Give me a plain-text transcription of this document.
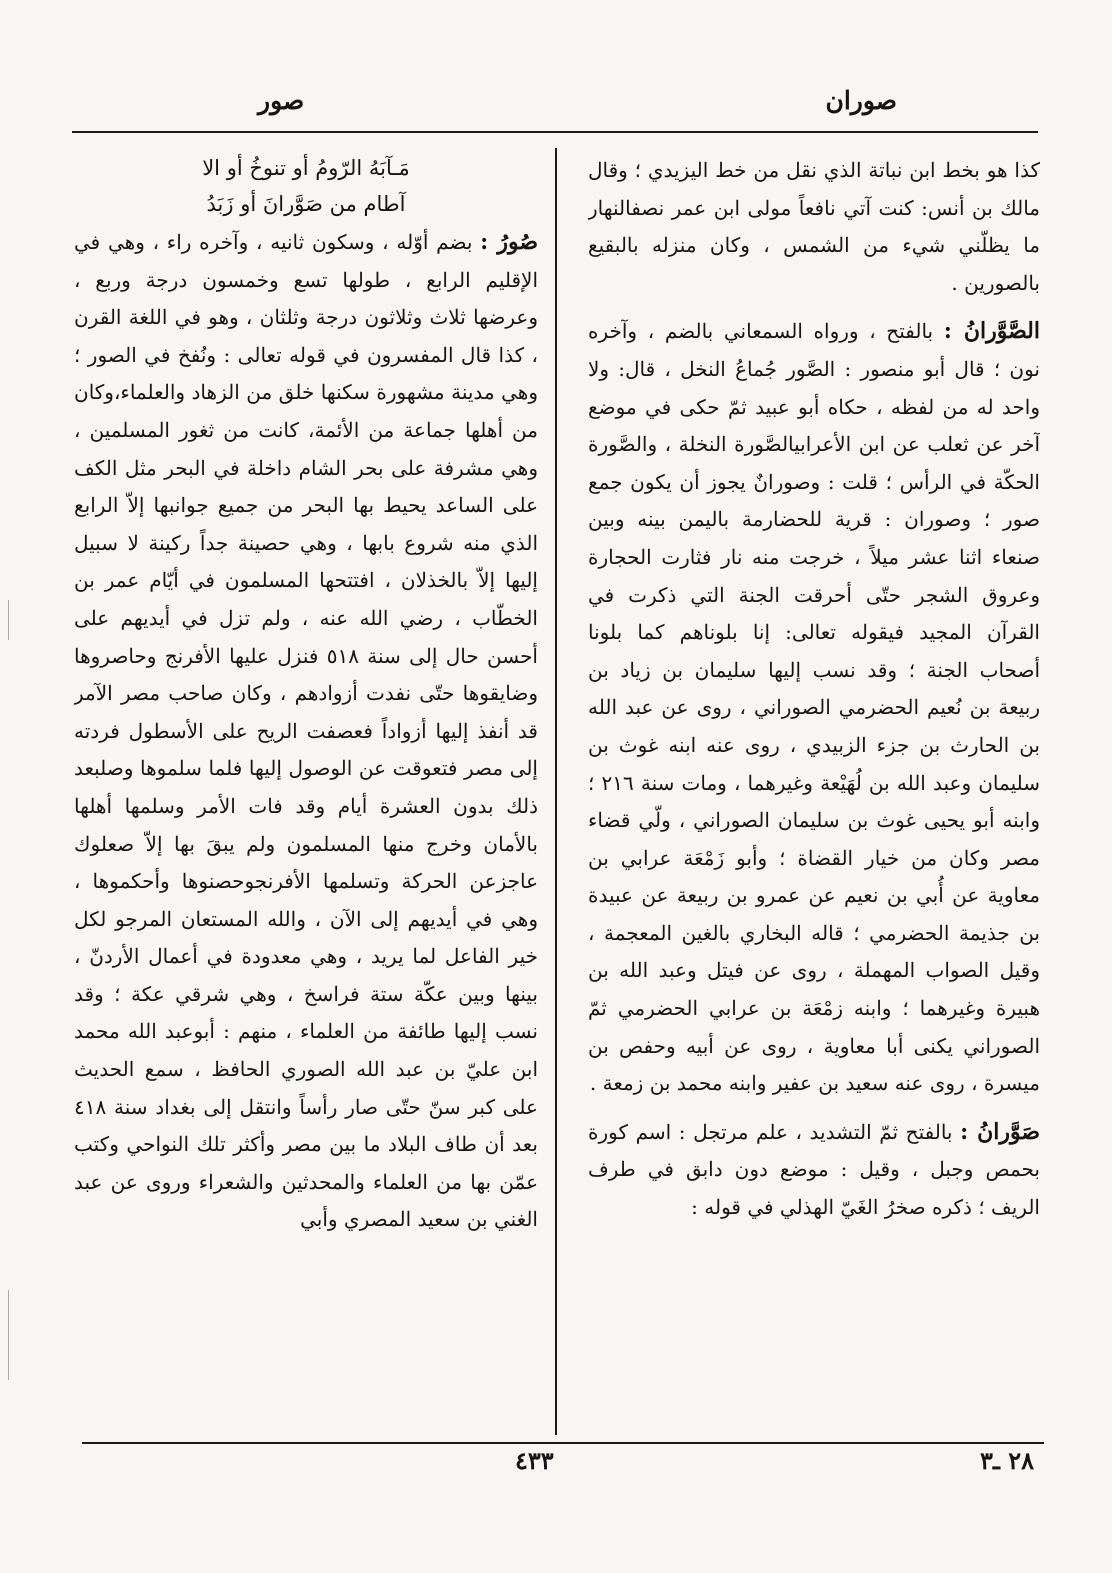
صوران
صور

كذا هو بخط ابن نباتة الذي نقل من خط اليزيدي ؛ وقال مالك بن أنس: كنت آتي نافعاً مولى ابن عمر نصفالنهار ما يظلّني شيء من الشمس ، وكان منزله بالبقيع بالصورين .

الصَّوَّرانُ : بالفتح ، ورواه السمعاني بالضم ، وآخره نون ؛ قال أبو منصور : الصَّور جُماعُ النخل ، قال: ولا واحد له من لفظه ، حكاه أبو عبيد ثمّ حكى في موضع آخر عن ثعلب عن ابن الأعرابيالصَّورة النخلة ، والصَّورة الحكّة في الرأس ؛ قلت : وصورانٌ يجوز أن يكون جمع صور ؛ وصوران : قرية للحضارمة باليمن بينه وبين صنعاء اثنا عشر ميلاً ، خرجت منه نار فثارت الحجارة وعروق الشجر حتّى أحرقت الجنة التي ذكرت في القرآن المجيد فيقوله تعالى: إنا بلوناهم كما بلونا أصحاب الجنة ؛ وقد نسب إليها سليمان بن زياد بن ربيعة بن نُعيم الحضرمي الصوراني ، روى عن عبد الله بن الحارث بن جزء الزبيدي ، روى عنه ابنه غوث بن سليمان وعبد الله بن لُهَيْعة وغيرهما ، ومات سنة ٢١٦ ؛ وابنه أبو يحيى غوث بن سليمان الصوراني ، ولّي قضاء مصر وكان من خيار القضاة ؛ وأبو زَمْعَة عرابي بن معاوية عن أُبي بن نعيم عن عمرو بن ربيعة عن عبيدة بن جذيمة الحضرمي ؛ قاله البخاري بالغين المعجمة ، وقيل الصواب المهملة ، روى عن فيتل وعبد الله بن هبيرة وغيرهما ؛ وابنه زمْعَة بن عرابي الحضرمي ثمّ الصوراني يكنى أبا معاوية ، روى عن أبيه وحفص بن ميسرة ، روى عنه سعيد بن عفير وابنه محمد بن زمعة .

صَوَّرانُ : بالفتح ثمّ التشديد ، علم مرتجل : اسم كورة بحمص وجبل ، وقيل : موضع دون دابق في طرف الريف ؛ ذكره صخرُ الغَيّ الهذلي في قوله :

مَـآبَهُ الرّومُ أو تنوخُ أو الا

آطام من صَوَّرانَ أو زَبَدُ

صُورُ : بضم أوّله ، وسكون ثانيه ، وآخره راء ، وهي في الإقليم الرابع ، طولها تسع وخمسون درجة وربع ، وعرضها ثلاث وثلاثون درجة وثلثان ، وهو في اللغة القرن ، كذا قال المفسرون في قوله تعالى : ونُفخ في الصور ؛ وهي مدينة مشهورة سكنها خلق من الزهاد والعلماء،وكان من أهلها جماعة من الأئمة، كانت من ثغور المسلمين ، وهي مشرفة على بحر الشام داخلة في البحر مثل الكف على الساعد يحيط بها البحر من جميع جوانبها إلاّ الرابع الذي منه شروع بابها ، وهي حصينة جداً ركينة لا سبيل إليها إلاّ بالخذلان ، افتتحها المسلمون في أيّام عمر بن الخطّاب ، رضي الله عنه ، ولم تزل في أيديهم على أحسن حال إلى سنة ٥١٨ فنزل عليها الأفرنج وحاصروها وضايقوها حتّى نفدت أزوادهم ، وكان صاحب مصر الآمر قد أنفذ إليها أزواداً فعصفت الريح على الأسطول فردته إلى مصر فتعوقت عن الوصول إليها فلما سلموها وصلبعد ذلك بدون العشرة أيام وقد فات الأمر وسلمها أهلها بالأمان وخرج منها المسلمون ولم يبقَ بها إلاّ صعلوك عاجزعن الحركة وتسلمها الأفرنجوحصنوها وأحكموها ، وهي في أيديهم إلى الآن ، والله المستعان المرجو لكل خير الفاعل لما يريد ، وهي معدودة في أعمال الأردنّ ، بينها وبين عكّة ستة فراسخ ، وهي شرقي عكة ؛ وقد نسب إليها طائفة من العلماء ، منهم : أبوعبد الله محمد ابن عليّ بن عبد الله الصوري الحافظ ، سمع الحديث على كبر سنّ حتّى صار رأساً وانتقل إلى بغداد سنة ٤١٨ بعد أن طاف البلاد ما بين مصر وأكثر تلك النواحي وكتب عمّن بها من العلماء والمحدثين والشعراء وروى عن عبد الغني بن سعيد المصري وأبي

٤٣٣	٢٨ ـ٣
